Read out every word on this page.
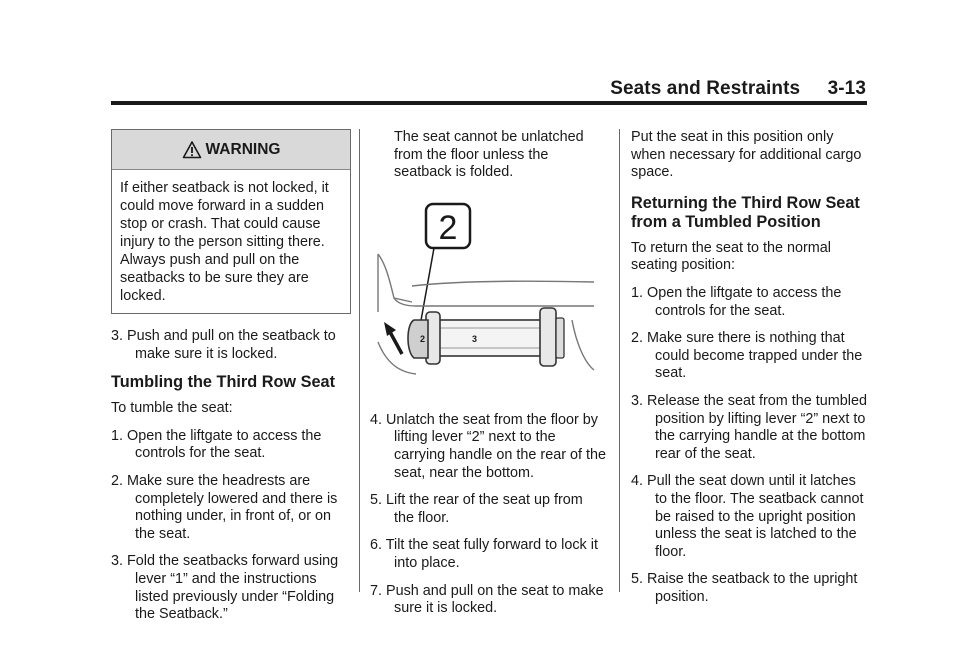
Seats and Restraints 3-13
WARNING
If either seatback is not locked, it could move forward in a sudden stop or crash. That could cause injury to the person sitting there. Always push and pull on the seatbacks to be sure they are locked.
3. Push and pull on the seatback to make sure it is locked.
Tumbling the Third Row Seat
To tumble the seat:
1. Open the liftgate to access the controls for the seat.
2. Make sure the headrests are completely lowered and there is nothing under, in front of, or on the seat.
3. Fold the seatbacks forward using lever “1” and the instructions listed previously under “Folding the Seatback.”
The seat cannot be unlatched from the floor unless the seatback is folded.
2
2	3
4. Unlatch the seat from the floor by lifting lever “2” next to the carrying handle on the rear of the seat, near the bottom.
5. Lift the rear of the seat up from the floor.
6. Tilt the seat fully forward to lock it into place.
7. Push and pull on the seat to make sure it is locked.
Put the seat in this position only when necessary for additional cargo space.
Returning the Third Row Seat from a Tumbled Position
To return the seat to the normal seating position:
1. Open the liftgate to access the controls for the seat.
2. Make sure there is nothing that could become trapped under the seat.
3. Release the seat from the tumbled position by lifting lever “2” next to the carrying handle at the bottom rear of the seat.
4. Pull the seat down until it latches to the floor. The seatback cannot be raised to the upright position unless the seat is latched to the floor.
5. Raise the seatback to the upright position.
